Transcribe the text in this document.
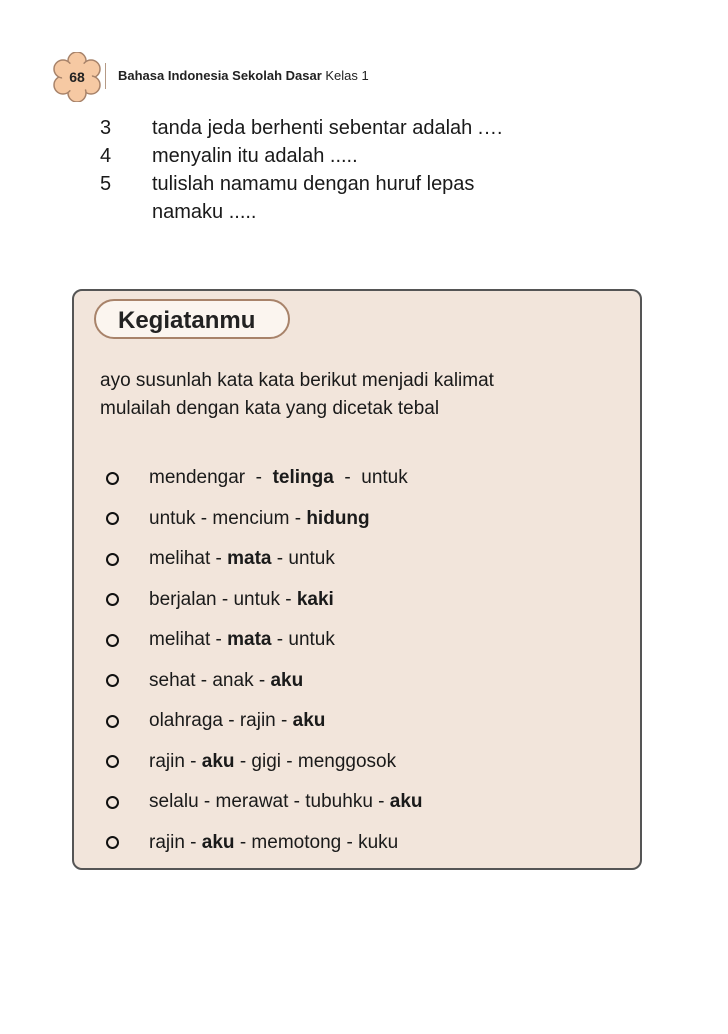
68	Bahasa Indonesia Sekolah Dasar Kelas 1
3	tanda jeda berhenti sebentar adalah .…
4	menyalin itu adalah .....
5	tulislah namamu dengan huruf lepas
namaku .....
Kegiatanmu
ayo susunlah kata kata berikut menjadi kalimat
mulailah dengan kata yang dicetak tebal
mendengar  -  telinga  -  untuk
untuk - mencium - hidung
melihat - mata - untuk
berjalan - untuk - kaki
melihat - mata - untuk
sehat - anak - aku
olahraga - rajin - aku
rajin - aku - gigi - menggosok
selalu - merawat - tubuhku - aku
rajin - aku - memotong - kuku
